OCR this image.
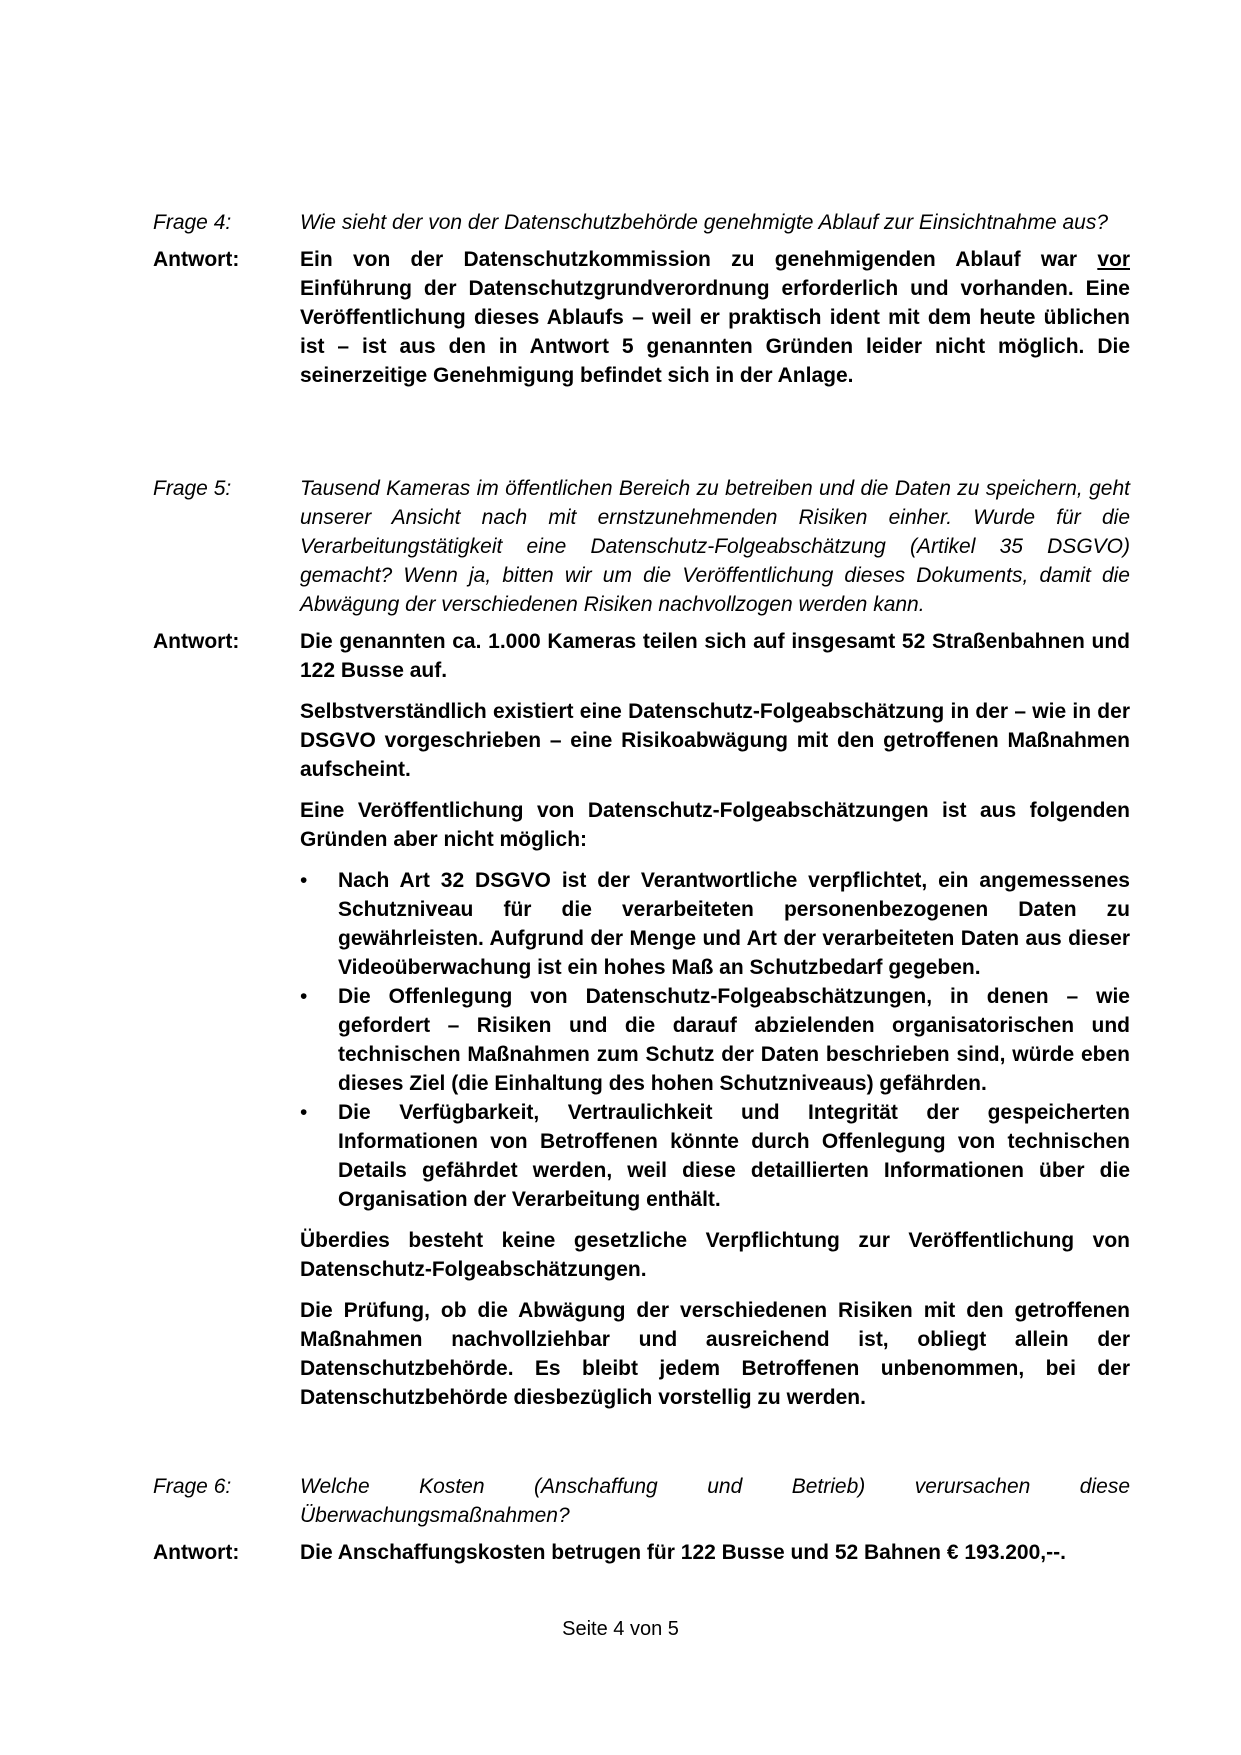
Frage 4:	Wie sieht der von der Datenschutzbehörde genehmigte Ablauf zur Einsichtnahme aus?
Antwort:	Ein von der Datenschutzkommission zu genehmigenden Ablauf war vor Einführung der Datenschutzgrundverordnung erforderlich und vorhanden. Eine Veröffentlichung dieses Ablaufs – weil er praktisch ident mit dem heute üblichen ist – ist aus den in Antwort 5 genannten Gründen leider nicht möglich. Die seinerzeitige Genehmigung befindet sich in der Anlage.
Frage 5:	Tausend Kameras im öffentlichen Bereich zu betreiben und die Daten zu speichern, geht unserer Ansicht nach mit ernstzunehmenden Risiken einher. Wurde für die Verarbeitungstätigkeit eine Datenschutz-Folgeabschätzung (Artikel 35 DSGVO) gemacht? Wenn ja, bitten wir um die Veröffentlichung dieses Dokuments, damit die Abwägung der verschiedenen Risiken nachvollzogen werden kann.
Antwort:	Die genannten ca. 1.000 Kameras teilen sich auf insgesamt 52 Straßenbahnen und 122 Busse auf.

Selbstverständlich existiert eine Datenschutz-Folgeabschätzung in der – wie in der DSGVO vorgeschrieben – eine Risikoabwägung mit den getroffenen Maßnahmen aufscheint.

Eine Veröffentlichung von Datenschutz-Folgeabschätzungen ist aus folgenden Gründen aber nicht möglich:

• Nach Art 32 DSGVO ist der Verantwortliche verpflichtet, ein angemessenes Schutzniveau für die verarbeiteten personenbezogenen Daten zu gewährleisten. Aufgrund der Menge und Art der verarbeiteten Daten aus dieser Videoüberwachung ist ein hohes Maß an Schutzbedarf gegeben.
• Die Offenlegung von Datenschutz-Folgeabschätzungen, in denen – wie gefordert – Risiken und die darauf abzielenden organisatorischen und technischen Maßnahmen zum Schutz der Daten beschrieben sind, würde eben dieses Ziel (die Einhaltung des hohen Schutzniveaus) gefährden.
• Die Verfügbarkeit, Vertraulichkeit und Integrität der gespeicherten Informationen von Betroffenen könnte durch Offenlegung von technischen Details gefährdet werden, weil diese detaillierten Informationen über die Organisation der Verarbeitung enthält.

Überdies besteht keine gesetzliche Verpflichtung zur Veröffentlichung von Datenschutz-Folgeabschätzungen.

Die Prüfung, ob die Abwägung der verschiedenen Risiken mit den getroffenen Maßnahmen nachvollziehbar und ausreichend ist, obliegt allein der Datenschutzbehörde. Es bleibt jedem Betroffenen unbenommen, bei der Datenschutzbehörde diesbezüglich vorstellig zu werden.

Frage 6:	Welche Kosten (Anschaffung und Betrieb) verursachen diese Überwachungsmaßnahmen?
Antwort:	Die Anschaffungskosten betrugen für 122 Busse und 52 Bahnen € 193.200,--.
Seite 4 von 5
